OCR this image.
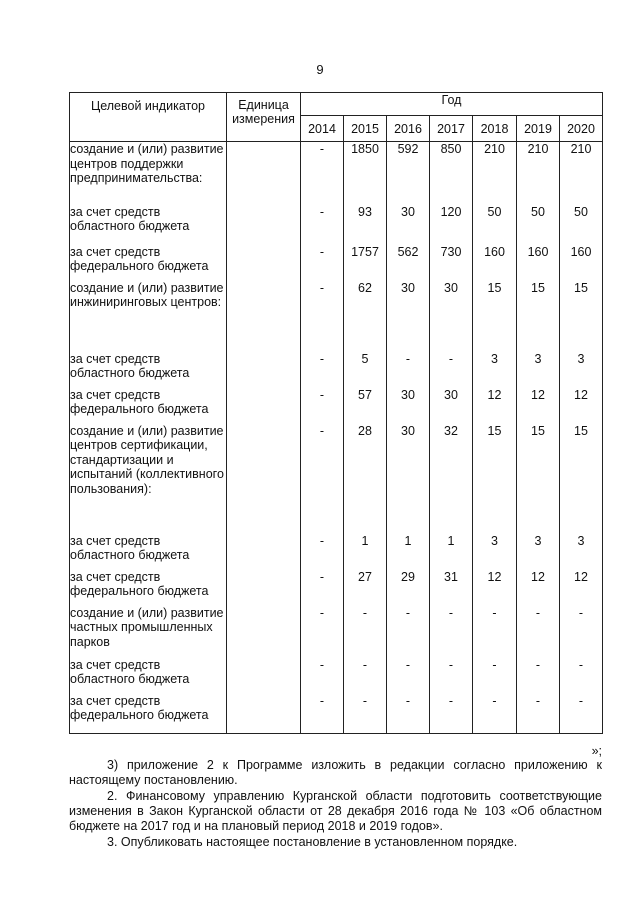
9
Целевой индикатор	Единица измерения	Год						
		2014	2015	2016	2017	2018	2019	2020
создание и (или) развитие центров поддержки предпринимательства:		-	1850	592	850	210	210	210
за счет средств областного бюджета		-	93	30	120	50	50	50
за счет средств федерального бюджета		-	1757	562	730	160	160	160
создание и (или) развитие инжиниринговых центров:		-	62	30	30	15	15	15
за счет средств областного бюджета		-	5	-	-	3	3	3
за счет средств федерального бюджета		-	57	30	30	12	12	12
создание и (или) развитие центров сертификации, стандартизации и испытаний (коллективного пользования):		-	28	30	32	15	15	15
за счет средств областного бюджета		-	1	1	1	3	3	3
за счет средств федерального бюджета		-	27	29	31	12	12	12
создание и (или) развитие частных промышленных парков		-	-	-	-	-	-	-
за счет средств областного бюджета		-	-	-	-	-	-	-
за счет средств федерального бюджета		-	-	-	-	-	-	-
»;
3) приложение 2 к Программе изложить в редакции согласно приложению к настоящему постановлению.
2. Финансовому управлению Курганской области подготовить соответствующие изменения в Закон Курганской области от 28 декабря 2016 года № 103 «Об областном бюджете на 2017 год и на плановый период 2018 и 2019 годов».
3. Опубликовать настоящее постановление в установленном порядке.
